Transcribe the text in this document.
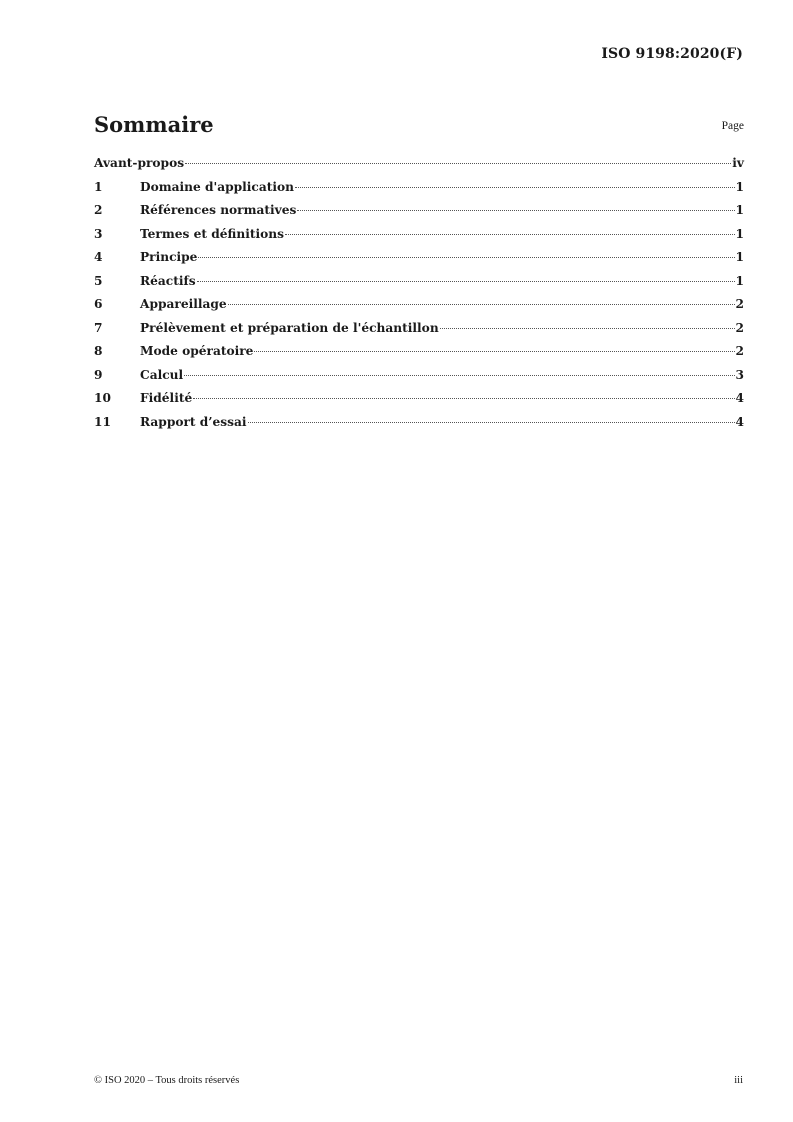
ISO 9198:2020(F)
Sommaire	Page
Avant-propos	iv
1	Domaine d'application	1
2	Références normatives	1
3	Termes et définitions	1
4	Principe	1
5	Réactifs	1
6	Appareillage	2
7	Prélèvement et préparation de l'échantillon	2
8	Mode opératoire	2
9	Calcul	3
10	Fidélité	4
11	Rapport d’essai	4
© ISO 2020 – Tous droits réservés	iii
